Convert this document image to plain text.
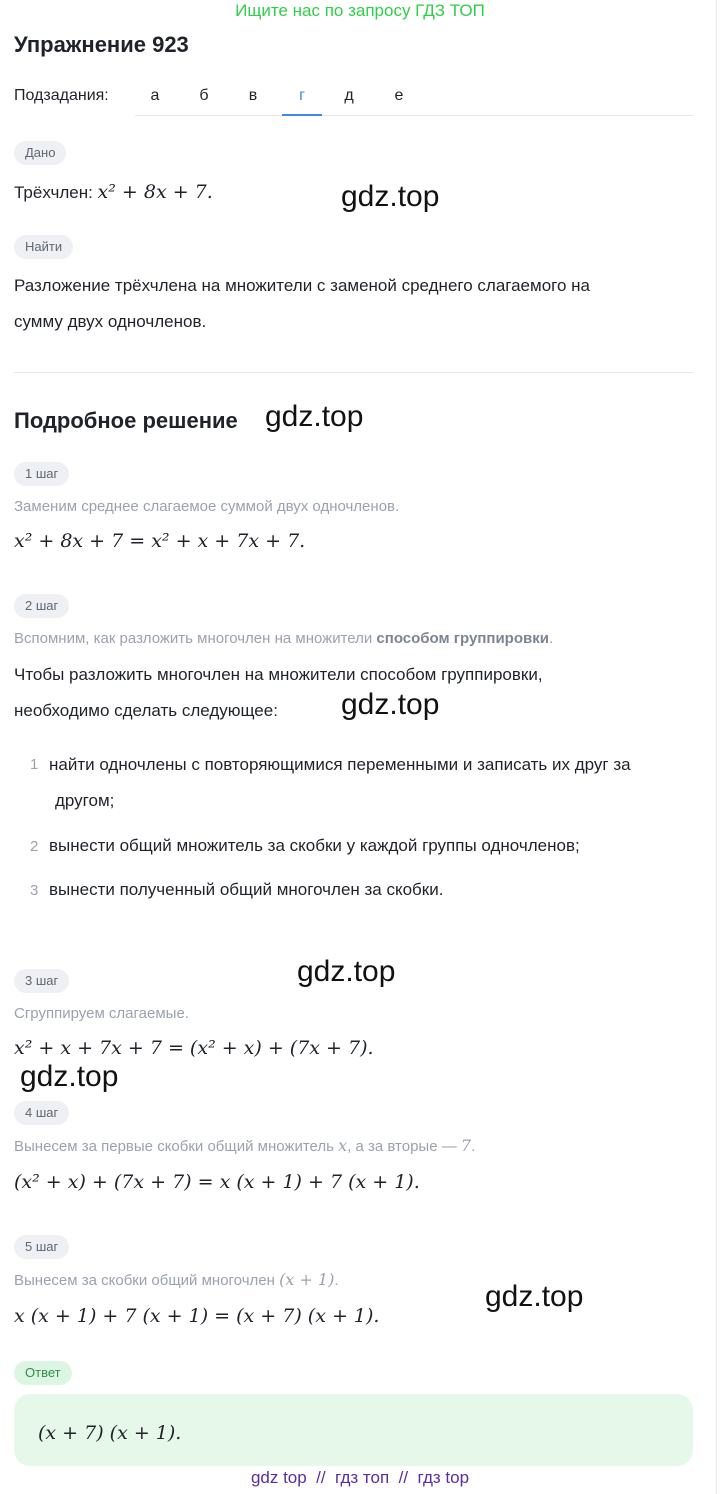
Ищите нас по запросу ГДЗ ТОП
Упражнение 923
Подзадания:	а	б	в	г	д	е
Дано
Трёхчлен: x² + 8x + 7.	gdz.top
Найти
Разложение трёхчлена на множители с заменой среднего слагаемого на
сумму двух одночленов.
Подробное решение gdz.top
1 шаг
Заменим среднее слагаемое суммой двух одночленов.
x² + 8x + 7 = x² + x + 7x + 7.
2 шаг
Вспомним, как разложить многочлен на множители способом группировки.
Чтобы разложить многочлен на множители способом группировки,
необходимо сделать следующее: gdz.top
1 найти одночлены с повторяющимися переменными и записать их друг за
другом;
2 вынести общий множитель за скобки у каждой группы одночленов;
3 вынести полученный общий многочлен за скобки.
gdz.top
3 шаг
Сгруппируем слагаемые.
x² + x + 7x + 7 = (x² + x) + (7x + 7).
gdz.top
4 шаг
Вынесем за первые скобки общий множитель x, а за вторые — 7.
(x² + x) + (7x + 7) = x (x + 1) + 7 (x + 1).
5 шаг
Вынесем за скобки общий многочлен (x + 1).
x (x + 1) + 7 (x + 1) = (x + 7) (x + 1).
gdz.top
Ответ
(x + 7) (x + 1).
gdz top  //  гдз топ  //  гдз top
